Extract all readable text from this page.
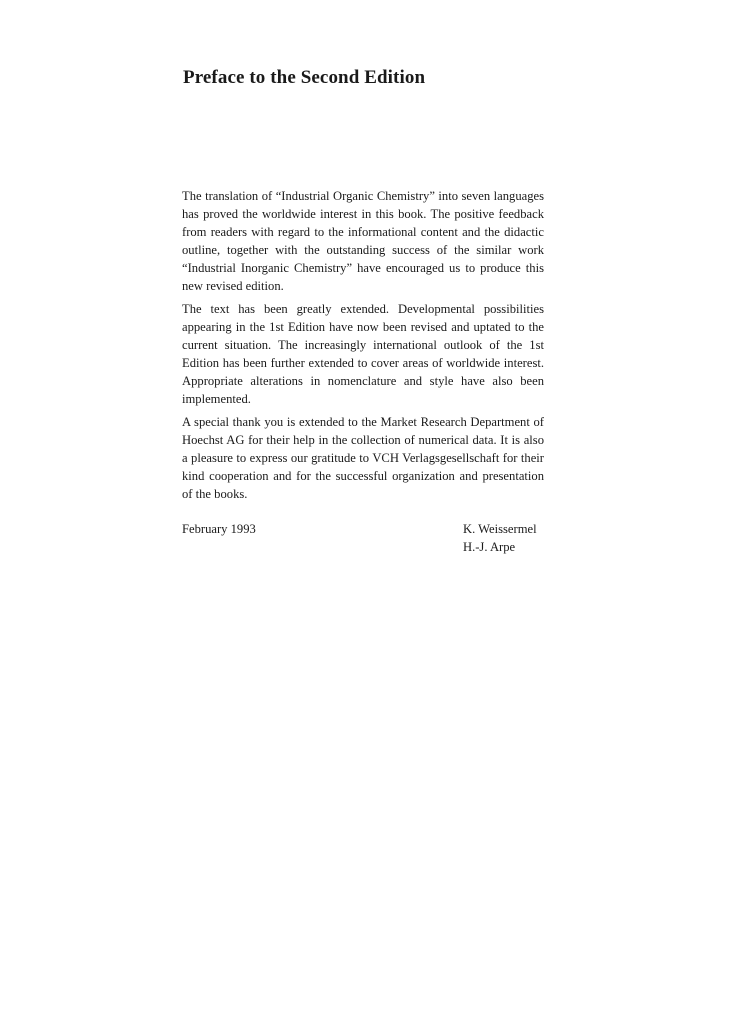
Preface to the Second Edition

The translation of “Industrial Organic Chemistry” into seven languages has proved the worldwide interest in this book. The positive feedback from readers with regard to the informational content and the didactic outline, together with the outstanding success of the similar work “Industrial Inorganic Chemistry” have encouraged us to produce this new revised edition.

The text has been greatly extended. Developmental possibilities appearing in the 1st Edition have now been revised and uptated to the current situation. The increasingly international outlook of the 1st Edition has been further extended to cover areas of worldwide interest. Appropriate alterations in nomenclature and style have also been implemented.

A special thank you is extended to the Market Research Department of Hoechst AG for their help in the collection of numerical data. It is also a pleasure to express our gratitude to VCH Verlagsgesellschaft for their kind cooperation and for the successful organization and presentation of the books.

February 1993	K. Weissermel
H.-J. Arpe
